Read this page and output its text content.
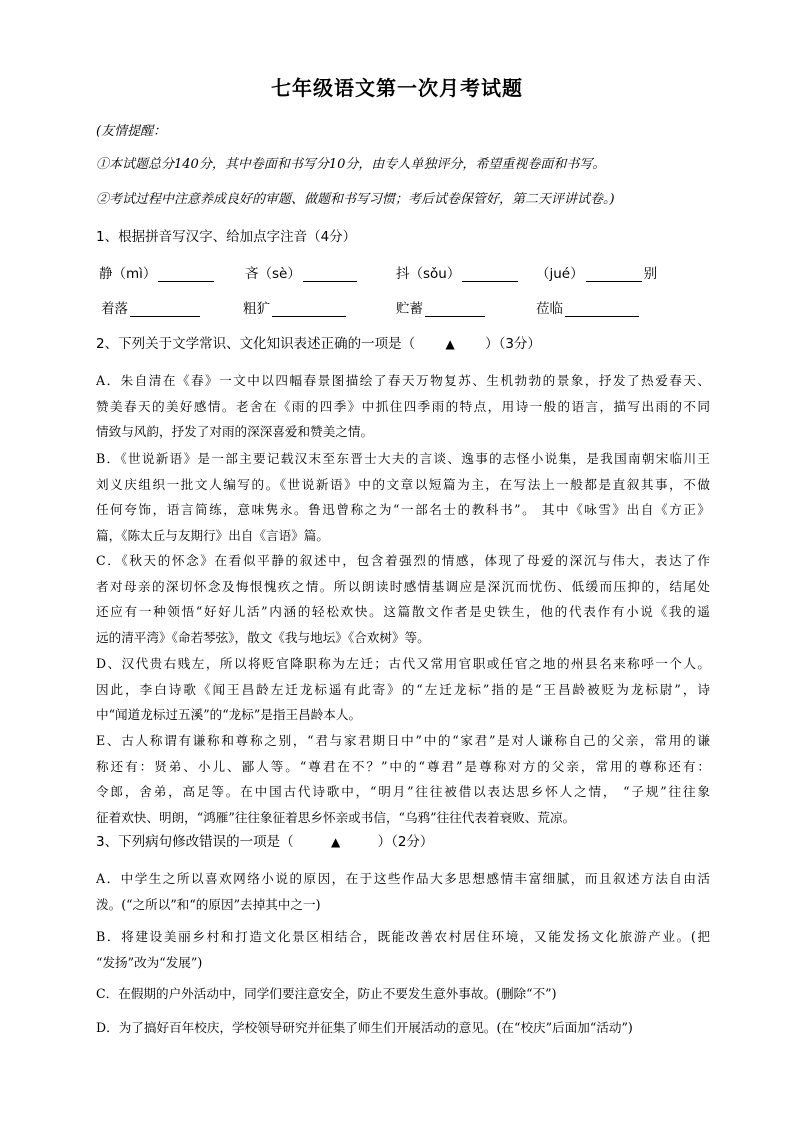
七年级语文第一次月考试题
(友情提醒：
①本试题总分140分，其中卷面和书写分10分，由专人单独评分，希望重视卷面和书写。
②考试过程中注意养成良好的审题、做题和书写习惯；考后试卷保管好，第二天评讲试卷。)
1、根据拼音写汉字、给加点字注音（4分）
静（mì）	吝（sè）	抖（sǒu）	（jué）	别
着落	粗犷	贮蓄	莅临
2、下列关于文学常识、文化知识表述正确的一项是（	▲ ）（3分）
A．朱自清在《春》一文中以四幅春景图描绘了春天万物复苏、生机勃勃的景象，抒发了热爱春天、
赞美春天的美好感情。老舍在《雨的四季》中抓住四季雨的特点，用诗一般的语言，描写出雨的不同
情致与风韵，抒发了对雨的深深喜爱和赞美之情。
B．《世说新语》是一部主要记载汉末至东晋士大夫的言谈、逸事的志怪小说集，是我国南朝宋临川王
刘义庆组织一批文人编写的。《世说新语》中的文章以短篇为主，在写法上一般都是直叙其事，不做
任何夸饰，语言简练，意味隽永。鲁迅曾称之为“一部名士的教科书”。 其中《咏雪》出自《方正》
篇，《陈太丘与友期行》出自《言语》篇。
C．《秋天的怀念》在看似平静的叙述中，包含着强烈的情感，体现了母爱的深沉与伟大，表达了作
者对母亲的深切怀念及悔恨愧疚之情。所以朗读时感情基调应是深沉而忧伤、低缓而压抑的，结尾处
还应有一种领悟“好好儿活”内涵的轻松欢快。这篇散文作者是史铁生，他的代表作有小说《我的遥
远的清平湾》《命若琴弦》，散文《我与地坛》《合欢树》等。
D、汉代贵右贱左，所以将贬官降职称为左迁；古代又常用官职或任官之地的州县名来称呼一个人。
因此，李白诗歌《闻王昌龄左迁龙标遥有此寄》的“左迁龙标”指的是“王昌龄被贬为龙标尉”，诗
中“闻道龙标过五溪”的“龙标”是指王昌龄本人。
E、古人称谓有谦称和尊称之别，“君与家君期日中”中的“家君”是对人谦称自己的父亲，常用的谦
称还有：贤弟、小儿、鄙人等。“尊君在不？”中的“尊君”是尊称对方的父亲，常用的尊称还有：
令郎，舍弟，高足等。在中国古代诗歌中，“明月”往往被借以表达思乡怀人之情， “子规”往往象
征着欢快、明朗，“鸿雁”往往象征着思乡怀亲或书信，“乌鸦”往往代表着衰败、荒凉。
3、下列病句修改错误的一项是（	▲	）（2分）
A．中学生之所以喜欢网络小说的原因，在于这些作品大多思想感情丰富细腻，而且叙述方法自由活
泼。(“之所以”和“的原因”去掉其中之一)
B．将建设美丽乡村和打造文化景区相结合，既能改善农村居住环境，又能发扬文化旅游产业。(把
“发扬”改为“发展”)
C．在假期的户外活动中，同学们要注意安全，防止不要发生意外事故。(删除“不”)
D．为了搞好百年校庆，学校领导研究并征集了师生们开展活动的意见。(在“校庆”后面加“活动”)
